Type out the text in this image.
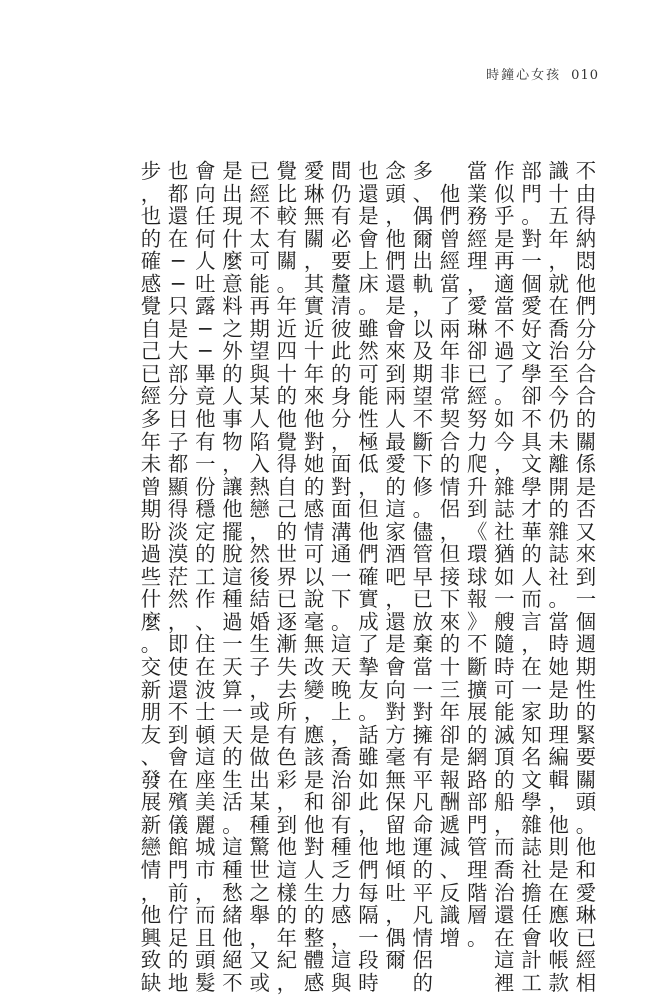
時鐘心女孩 010
不
由
得
納
悶
他
們
分
分
合
合
的
關
係
是
否
又
來
到
一
個
週
期
性
的
緊
要
關
頭
。
他
和
愛
琳
已
經
相
識
十
五
年
，
就
在
喬
治
至
今
仍
未
離
開
的
雜
誌
社
。
當
時
她
是
助
理
編
輯
，
他
則
是
在
應
收
帳
款
部
門
。
對
一
個
愛
好
文
學
卻
不
具
文
學
才
華
的
人
而
言
，
在
一
家
知
名
文
學
雜
誌
社
擔
任
會
計
工
作
似
乎
是
再
適
當
不
過
了
。
如
今
，
雜
誌
社
猶
如
一
艘
隨
時
可
能
滅
頂
的
船
，
而
喬
治
還
在
這
裡
當
業
務
經
理
，
愛
琳
卻
已
經
努
力
爬
升
到
《
環
球
報
》
不
斷
擴
展
的
網
路
部
門
管
理
階
層
。

他
們
曾
經
當
了
兩
年
非
常
契
合
的
情
侶
，
但
接
下
來
的
十
三
年
卻
是
報
酬
遞
減
、
反
識
增
多
、
偶
爾
出
軌
，
以
及
期
望
不
斷
下
修
。
儘
管
早
已
放
棄
當
一
對
擁
有
平
凡
命
運
的
平
凡
情
侶
的
念
頭
，
他
們
還
是
會
來
到
兩
人
最
愛
的
這
家
酒
吧
，
還
是
會
向
對
方
毫
無
保
留
地
傾
吐
，
偶
爾
也
還
是
會
上
床
。
雖
然
可
能
性
極
低
，
但
他
們
確
實
成
了
摯
友
。
話
雖
如
此
，
他
們
每
隔
一
段
時
間
仍
有
必
要
釐
清
彼
此
的
身
分
，
面
對
面
溝
通
一
下
。
這
天
晚
上
，
喬
治
卻
有
種
乏
力
感
，
這
與
愛
琳
無
關
，
其
實
近
十
年
來
他
對
她
的
感
情
可
以
說
毫
無
改
變
，
應
該
是
和
他
對
人
生
的
整
體
感
覺
比
較
有
關
。
年
近
四
十
的
他
覺
得
自
己
的
世
界
已
逐
漸
失
去
所
有
色
彩
，
到
他
這
樣
的
年
紀
，
已
經
不
太
可
能
再
期
望
與
某
人
陷
入
熱
戀
，
然
後
結
婚
生
子
，
或
是
做
出
某
種
驚
世
之
舉
，
又
或
是
出
現
什
麼
意
料
之
外
的
人
事
物
，
讓
他
擺
脫
這
種
過
一
天
算
一
天
的
生
活
。
這
種
愁
緒
他
絕
不
會
向
任
何
人
吐
露
─
─
畢
竟
他
有
一
份
穩
定
的
工
作
、
住
在
波
士
頓
這
座
美
麗
城
市
，
而
且
頭
髮
也
都
還
在
─
─
只
是
大
部
分
日
子
都
顯
得
淡
漠
茫
然
，
即
使
還
不
到
會
在
殯
儀
館
門
前
佇
足
的
地
步
，
也
的
確
感
覺
自
己
已
經
多
年
未
曾
期
盼
過
些
什
麼
。
交
新
朋
友
、
發
展
新
戀
情
，
他
興
致
缺
